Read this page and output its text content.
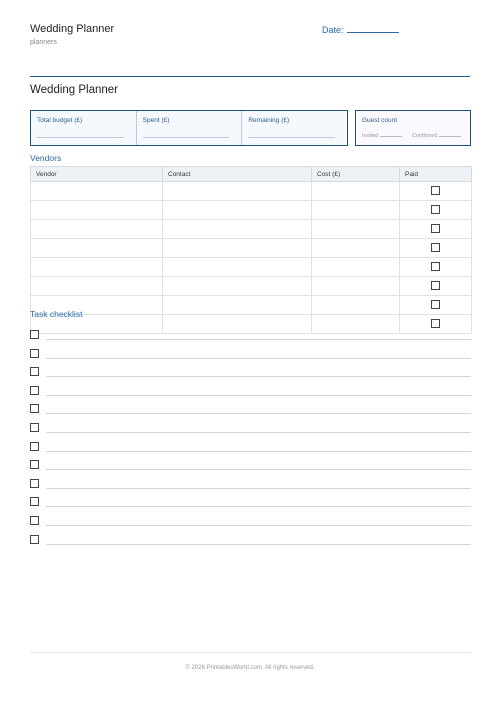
Wedding Planner
planners
Date:
Wedding Planner
Total budget (£)	Spent (£)	Remaining (£)	Guest count
Invited	Confirmed
Vendors
Vendor	Contact	Cost (£)	Paid

Task checklist
© 2026 PrintablesWorld.com. All rights reserved.
